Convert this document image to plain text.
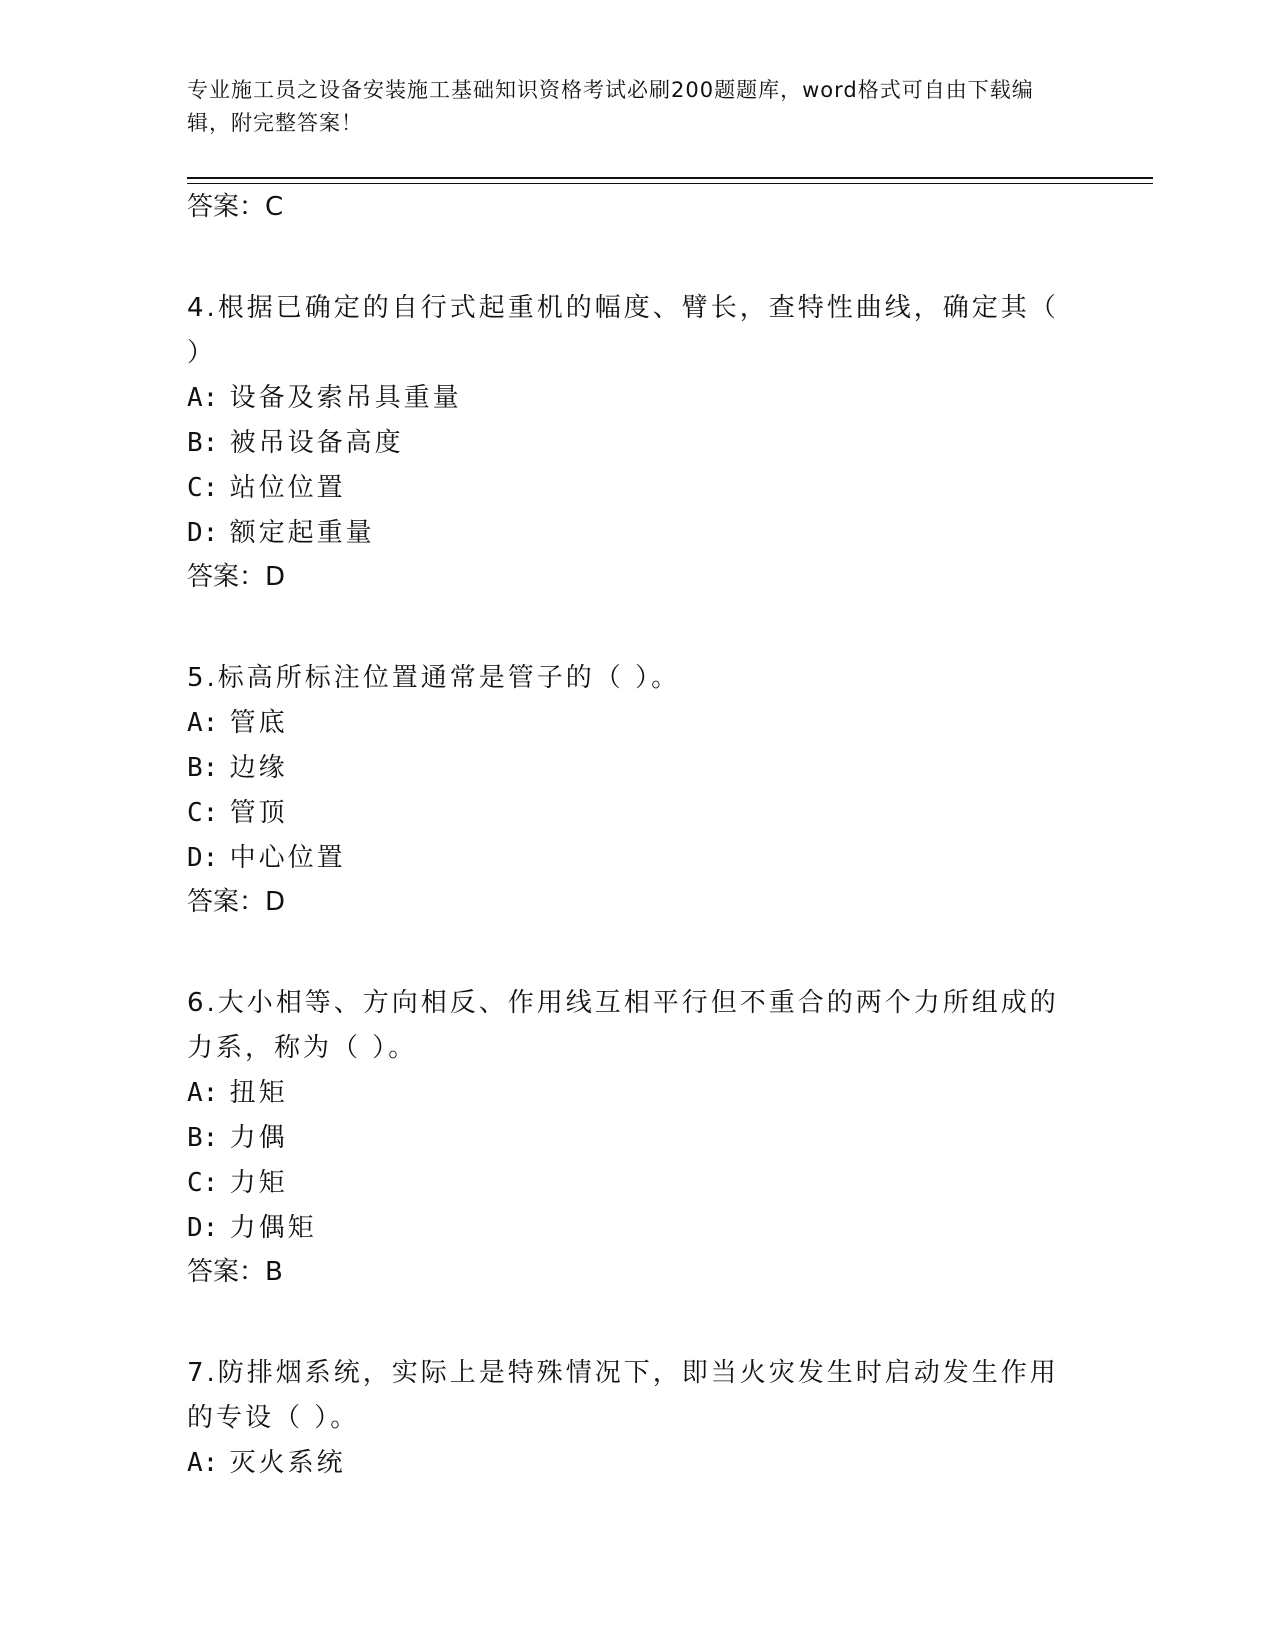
专业施工员之设备安装施工基础知识资格考试必刷200题题库，word格式可自由下载编辑，附完整答案！

答案：C

4.根据已确定的自行式起重机的幅度、臂长，查特性曲线，确定其（ ）

A: 设备及索吊具重量

B: 被吊设备高度

C: 站位位置

D: 额定起重量

答案：D

5.标高所标注位置通常是管子的（ ）。

A: 管底

B: 边缘

C: 管顶

D: 中心位置

答案：D

6.大小相等、方向相反、作用线互相平行但不重合的两个力所组成的力系，称为（ ）。

A: 扭矩

B: 力偶

C: 力矩

D: 力偶矩

答案：B

7.防排烟系统，实际上是特殊情况下，即当火灾发生时启动发生作用的专设（ ）。

A: 灭火系统
